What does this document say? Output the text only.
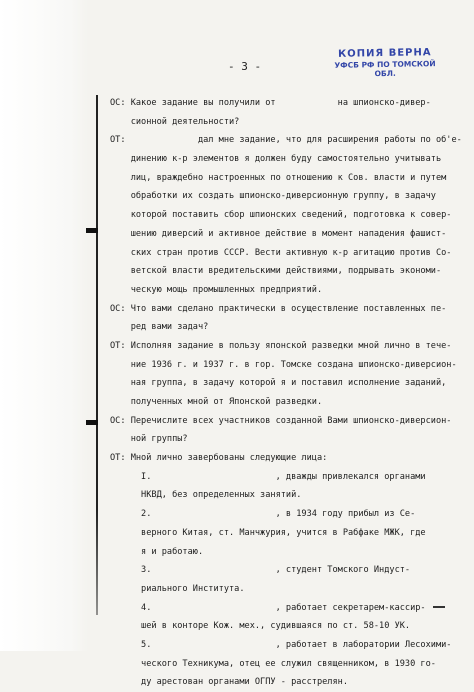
КОПИЯ ВЕРНА
УФСБ РФ ПО ТОМСКОЙ ОБЛ.
- 3 -
ОС: Какое задание вы получили от            на шпионско-дивер-
сионной деятельности?
ОТ:              дал мне задание, что для расширения работы по об'е-
динению к-р элементов я должен буду самостоятельно учитывать
лиц, враждебно настроенных по отношению к Сов. власти и путем
обработки их создать шпионско-диверсионную группу, в задачу
которой поставить сбор шпионских сведений, подготовка к совер-
шению диверсий и активное действие в момент нападения фашист-
ских стран против СССР. Вести активную к-р агитацию против Со-
ветской власти вредительскими действиями, подрывать экономи-
ческую мощь промышленных предприятий.
ОС: Что вами сделано практически в осуществление поставленных пе-
ред вами задач?
ОТ: Исполняя задание в пользу японской разведки мной лично в тече-
ние 1936 г. и 1937 г. в гор. Томске создана шпионско-диверсион-
ная группа, в задачу которой я и поставил исполнение заданий,
полученных мной от Японской разведки.
ОС: Перечислите всех участников созданной Вами шпионско-диверсион-
ной группы?
ОТ: Мной лично завербованы следующие лица:
I.                        , дважды привлекался органами
НКВД, без определенных занятий.
2.                        , в 1934 году прибыл из Се-
верного Китая, ст. Манчжурия, учится в Рабфаке МЖК, где
я и работаю.
3.                        , студент Томского Индуст-
риального Института.
4.                        , работает секретарем-кассир-
шей в конторе Кож. мех., судившаяся по ст. 58-10 УК.
5.                        , работает в лаборатории Лесохими-
ческого Техникума, отец ее служил священником, в 1930 го-
ду арестован органами ОГПУ - расстрелян.
